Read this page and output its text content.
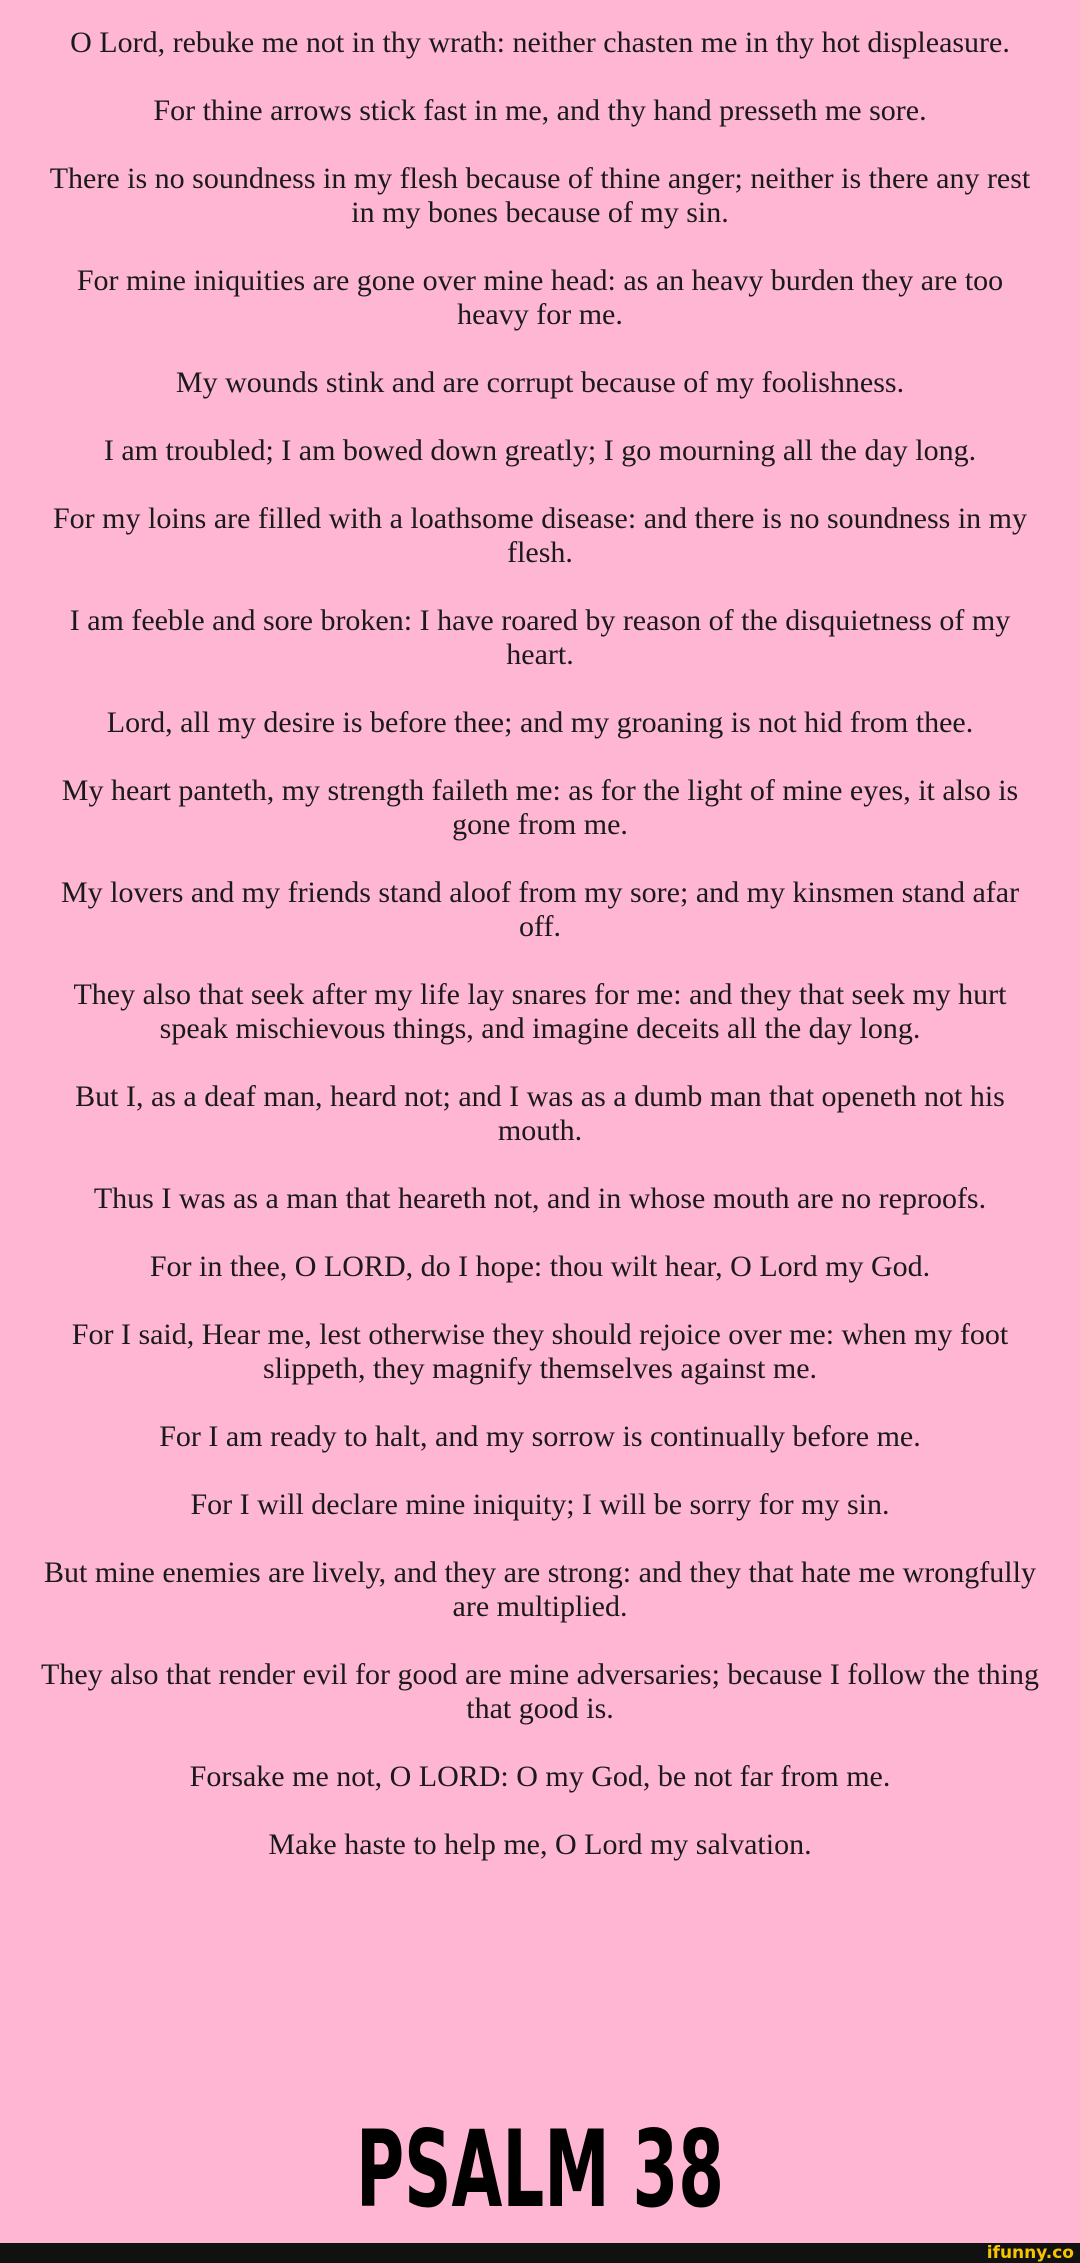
O Lord, rebuke me not in thy wrath: neither chasten me in thy hot displeasure.
For thine arrows stick fast in me, and thy hand presseth me sore.
There is no soundness in my flesh because of thine anger; neither is there any rest in my bones because of my sin.
For mine iniquities are gone over mine head: as an heavy burden they are too heavy for me.
My wounds stink and are corrupt because of my foolishness.
I am troubled; I am bowed down greatly; I go mourning all the day long.
For my loins are filled with a loathsome disease: and there is no soundness in my flesh.
I am feeble and sore broken: I have roared by reason of the disquietness of my heart.
Lord, all my desire is before thee; and my groaning is not hid from thee.
My heart panteth, my strength faileth me: as for the light of mine eyes, it also is gone from me.
My lovers and my friends stand aloof from my sore; and my kinsmen stand afar off.
They also that seek after my life lay snares for me: and they that seek my hurt speak mischievous things, and imagine deceits all the day long.
But I, as a deaf man, heard not; and I was as a dumb man that openeth not his mouth.
Thus I was as a man that heareth not, and in whose mouth are no reproofs.
For in thee, O LORD, do I hope: thou wilt hear, O Lord my God.
For I said, Hear me, lest otherwise they should rejoice over me: when my foot slippeth, they magnify themselves against me.
For I am ready to halt, and my sorrow is continually before me.
For I will declare mine iniquity; I will be sorry for my sin.
But mine enemies are lively, and they are strong: and they that hate me wrongfully are multiplied.
They also that render evil for good are mine adversaries; because I follow the thing that good is.
Forsake me not, O LORD: O my God, be not far from me.
Make haste to help me, O Lord my salvation.
PSALM 38
ifunny.co
